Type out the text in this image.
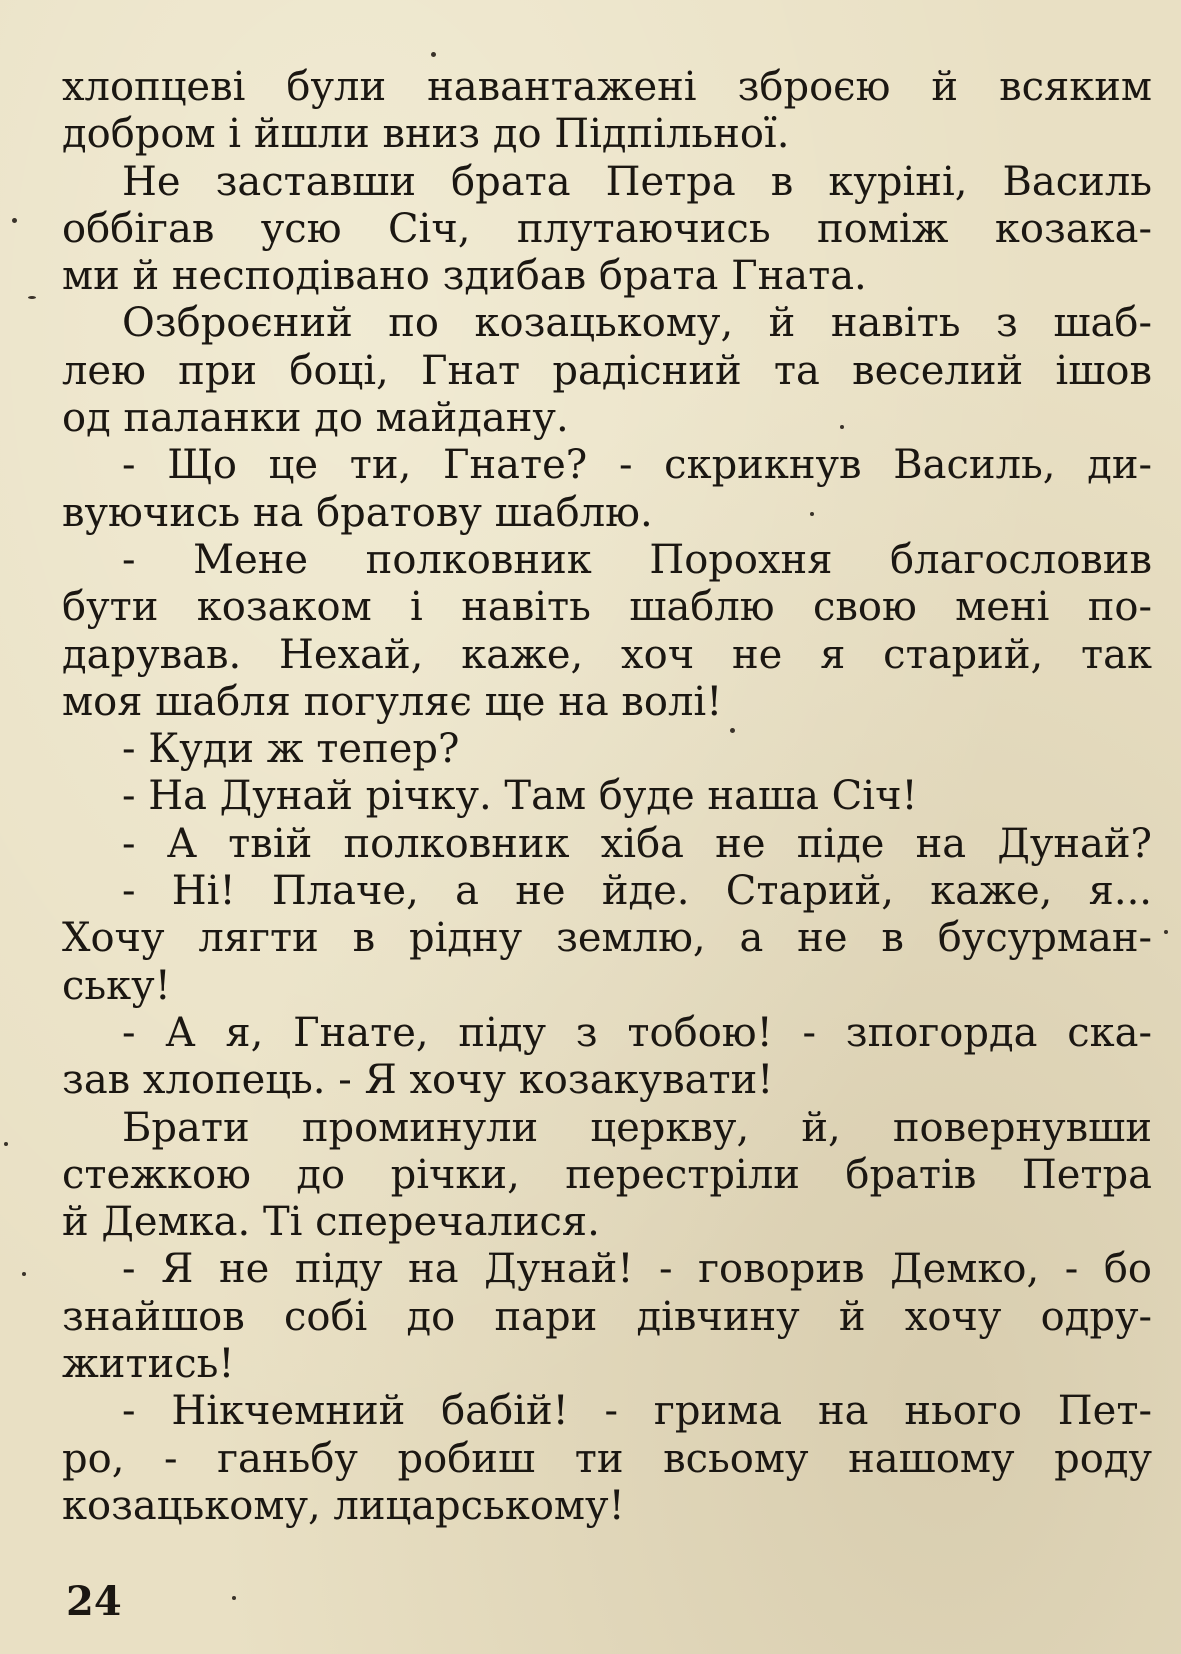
хлопцеві були навантажені зброєю й всяким
добром і йшли вниз до Підпільної.
Не заставши брата Петра в куріні, Василь
оббігав усю Січ, плутаючись поміж козака-
ми й несподівано здибав брата Гната.
Озброєний по козацькому, й навіть з шаб-
лею при боці, Гнат радісний та веселий ішов
од паланки до майдану.
- Що це ти, Гнате? - скрикнув Василь, ди-
вуючись на братову шаблю.
- Мене полковник Порохня благословив
бути козаком і навіть шаблю свою мені по-
дарував. Нехай, каже, хоч не я старий, так
моя шабля погуляє ще на волі!
- Куди ж тепер?
- На Дунай річку. Там буде наша Січ!
- А твій полковник хіба не піде на Дунай?
- Ні! Плаче, а не йде. Старий, каже, я...
Хочу лягти в рідну землю, а не в бусурман-
ську!
- А я, Гнате, піду з тобою! - зпогорда ска-
зав хлопець. - Я хочу козакувати!
Брати проминули церкву, й, повернувши
стежкою до річки, перестріли братів Петра
й Демка. Ті сперечалися.
- Я не піду на Дунай! - говорив Демко, - бо
знайшов собі до пари дівчину й хочу одру-
житись!
- Нікчемний бабій! - грима на нього Пет-
ро, - ганьбу робиш ти всьому нашому роду
козацькому, лицарському!
24
